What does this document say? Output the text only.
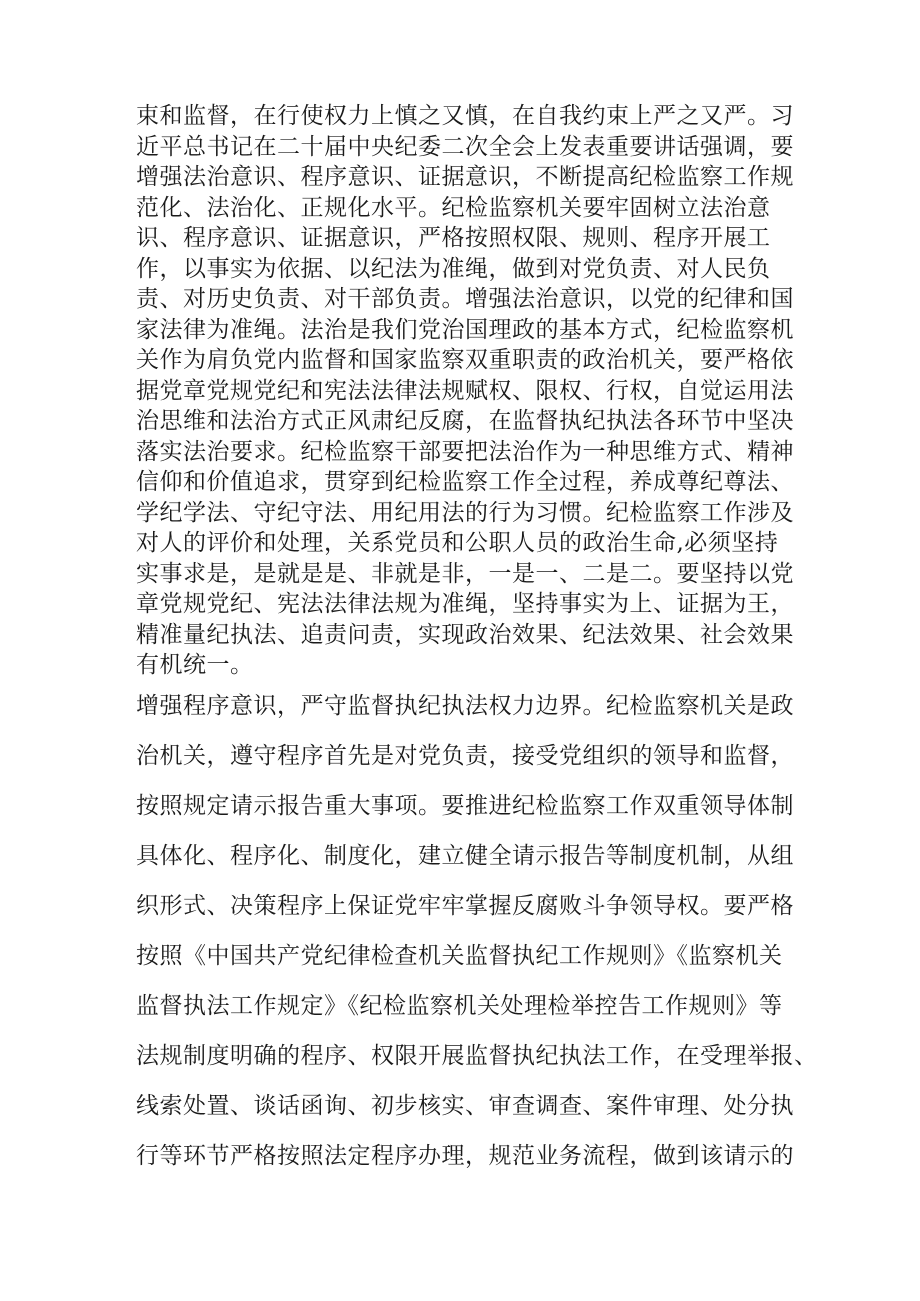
束和监督，在行使权力上慎之又慎，在自我约束上严之又严。习

近平总书记在二十届中央纪委二次全会上发表重要讲话强调，要

增强法治意识、程序意识、证据意识，不断提高纪检监察工作规

范化、法治化、正规化水平。纪检监察机关要牢固树立法治意

识、程序意识、证据意识，严格按照权限、规则、程序开展工

作，以事实为依据、以纪法为准绳，做到对党负责、对人民负

责、对历史负责、对干部负责。增强法治意识，以党的纪律和国

家法律为准绳。法治是我们党治国理政的基本方式，纪检监察机

关作为肩负党内监督和国家监察双重职责的政治机关，要严格依

据党章党规党纪和宪法法律法规赋权、限权、行权，自觉运用法

治思维和法治方式正风肃纪反腐，在监督执纪执法各环节中坚决

落实法治要求。纪检监察干部要把法治作为一种思维方式、精神

信仰和价值追求，贯穿到纪检监察工作全过程，养成尊纪尊法、

学纪学法、守纪守法、用纪用法的行为习惯。纪检监察工作涉及

对人的评价和处理，关系党员和公职人员的政治生命,必须坚持

实事求是，是就是是、非就是非，一是一、二是二。要坚持以党

章党规党纪、宪法法律法规为准绳，坚持事实为上、证据为王，

精准量纪执法、追责问责，实现政治效果、纪法效果、社会效果

有机统一。

增强程序意识，严守监督执纪执法权力边界。纪检监察机关是政

治机关，遵守程序首先是对党负责，接受党组织的领导和监督，

按照规定请示报告重大事项。要推进纪检监察工作双重领导体制

具体化、程序化、制度化，建立健全请示报告等制度机制，从组

织形式、决策程序上保证党牢牢掌握反腐败斗争领导权。要严格

按照《中国共产党纪律检查机关监督执纪工作规则》《监察机关

监督执法工作规定》《纪检监察机关处理检举控告工作规则》等

法规制度明确的程序、权限开展监督执纪执法工作，在受理举报、

线索处置、谈话函询、初步核实、审查调查、案件审理、处分执

行等环节严格按照法定程序办理，规范业务流程，做到该请示的
